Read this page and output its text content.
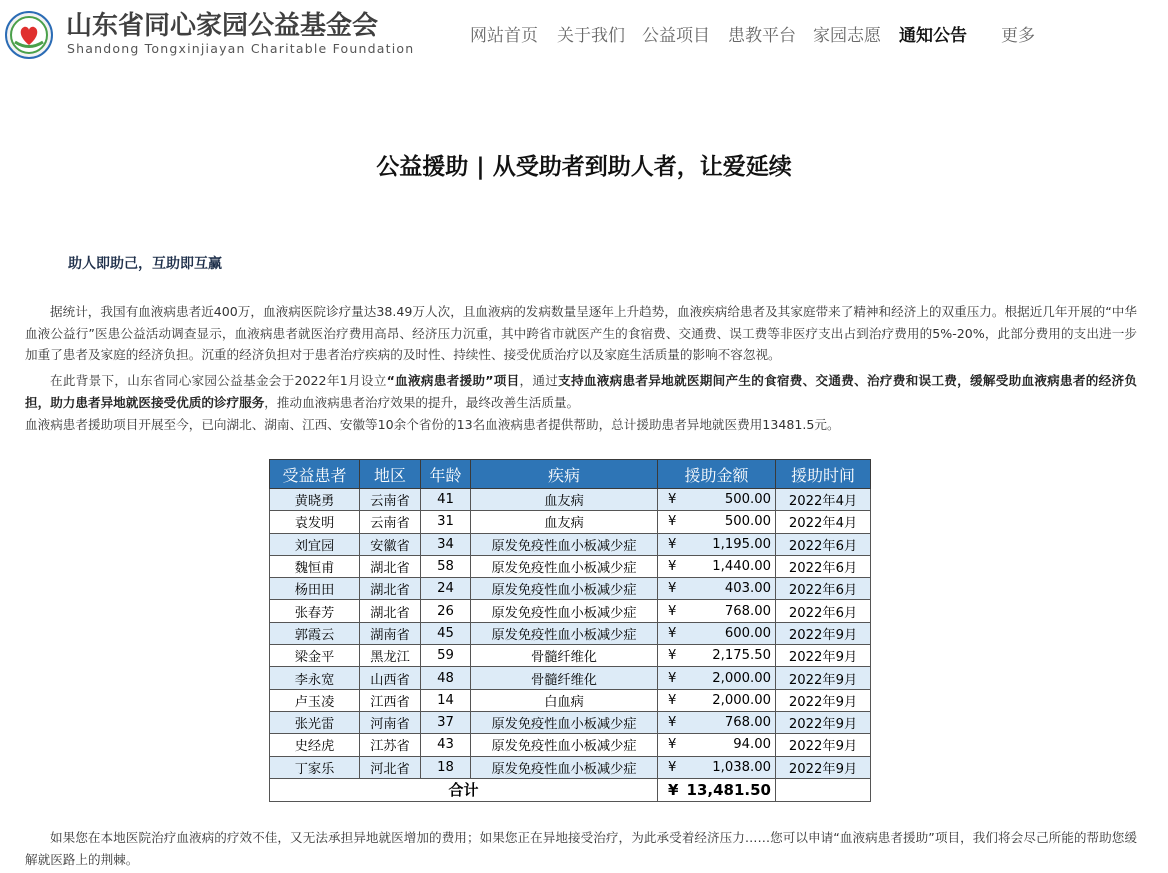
山东省同心家园公益基金会
Shandong Tongxinjiayan Charitable Foundation
网站首页 关于我们 公益项目 患教平台 家园志愿 通知公告 更多
公益援助 | 从受助者到助人者，让爱延续
助人即助己，互助即互赢
据统计，我国有血液病患者近400万，血液病医院诊疗量达38.49万人次，且血液病的发病数量呈逐年上升趋势，血液疾病给患者及其家庭带来了精神和经济上的双重压力。根据近几年开展的“中华血液公益行”医患公益活动调查显示，血液病患者就医治疗费用高昂、经济压力沉重，其中跨省市就医产生的食宿费、交通费、误工费等非医疗支出占到治疗费用的5%-20%，此部分费用的支出进一步加重了患者及家庭的经济负担。沉重的经济负担对于患者治疗疾病的及时性、持续性、接受优质治疗以及家庭生活质量的影响不容忽视。
在此背景下，山东省同心家园公益基金会于2022年1月设立“血液病患者援助”项目，通过支持血液病患者异地就医期间产生的食宿费、交通费、治疗费和误工费，缓解受助血液病患者的经济负担，助力患者异地就医接受优质的诊疗服务，推动血液病患者治疗效果的提升，最终改善生活质量。
血液病患者援助项目开展至今，已向湖北、湖南、江西、安徽等10余个省份的13名血液病患者提供帮助，总计援助患者异地就医费用13481.5元。
受益患者	地区	年龄	疾病	援助金额	援助时间
黄晓勇	云南省	41	血友病	¥ 500.00	2022年4月
袁发明	云南省	31	血友病	¥ 500.00	2022年4月
刘宜园	安徽省	34	原发免疫性血小板减少症	¥ 1,195.00	2022年6月
魏恒甫	湖北省	58	原发免疫性血小板减少症	¥ 1,440.00	2022年6月
杨田田	湖北省	24	原发免疫性血小板减少症	¥ 403.00	2022年6月
张春芳	湖北省	26	原发免疫性血小板减少症	¥ 768.00	2022年6月
郭霞云	湖南省	45	原发免疫性血小板减少症	¥ 600.00	2022年9月
梁金平	黑龙江	59	骨髓纤维化	¥ 2,175.50	2022年9月
李永宽	山西省	48	骨髓纤维化	¥ 2,000.00	2022年9月
卢玉凌	江西省	14	白血病	¥ 2,000.00	2022年9月
张光雷	河南省	37	原发免疫性血小板减少症	¥ 768.00	2022年9月
史经虎	江苏省	43	原发免疫性血小板减少症	¥ 94.00	2022年9月
丁家乐	河北省	18	原发免疫性血小板减少症	¥ 1,038.00	2022年9月
合计				¥ 13,481.50	
如果您在本地医院治疗血液病的疗效不佳，又无法承担异地就医增加的费用；如果您正在异地接受治疗，为此承受着经济压力……您可以申请“血液病患者援助”项目，我们将会尽己所能的帮助您缓解就医路上的荆棘。
